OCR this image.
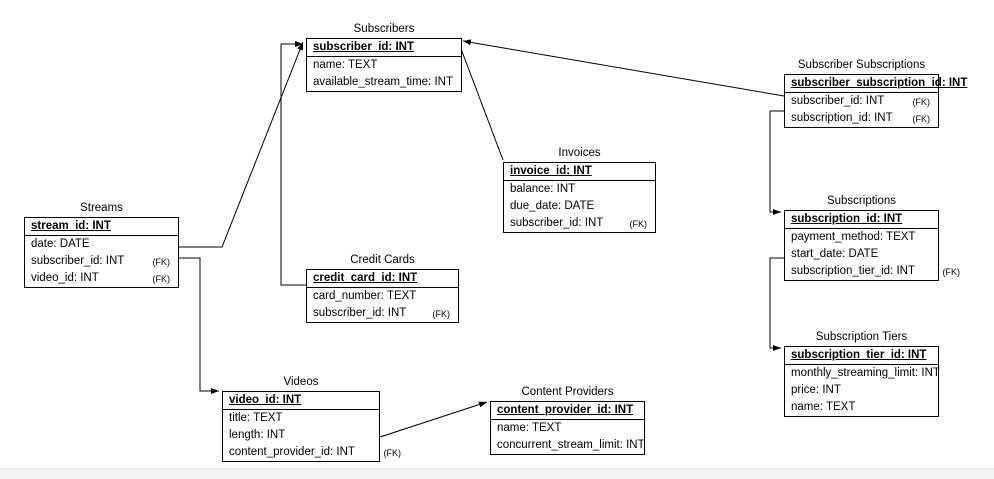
Streams
stream_id: INT
date: DATE
subscriber_id: INT	(FK)
video_id: INT	(FK)
Subscribers
subscriber_id: INT
name: TEXT
available_stream_time: INT
Credit Cards
credit_card_id: INT
card_number: TEXT
subscriber_id: INT	(FK)
Invoices
invoice_id: INT
balance: INT
due_date: DATE
subscriber_id: INT	(FK)
Subscriber Subscriptions
subscriber_subscription_id: INT
subscriber_id: INT	(FK)
subscription_id: INT (FK)
Subscriptions
subscription_id: INT
payment_method: TEXT
start_date: DATE
subscription_tier_id: INT	(FK)
Subscription Tiers
subscription_tier_id: INT
monthly_streaming_limit: INT
price: INT
name: TEXT
Videos
video_id: INT
title: TEXT
length: INT
content_provider_id: INT	(FK)
Content Providers
content_provider_id: INT
name: TEXT
concurrent_stream_limit: INT
